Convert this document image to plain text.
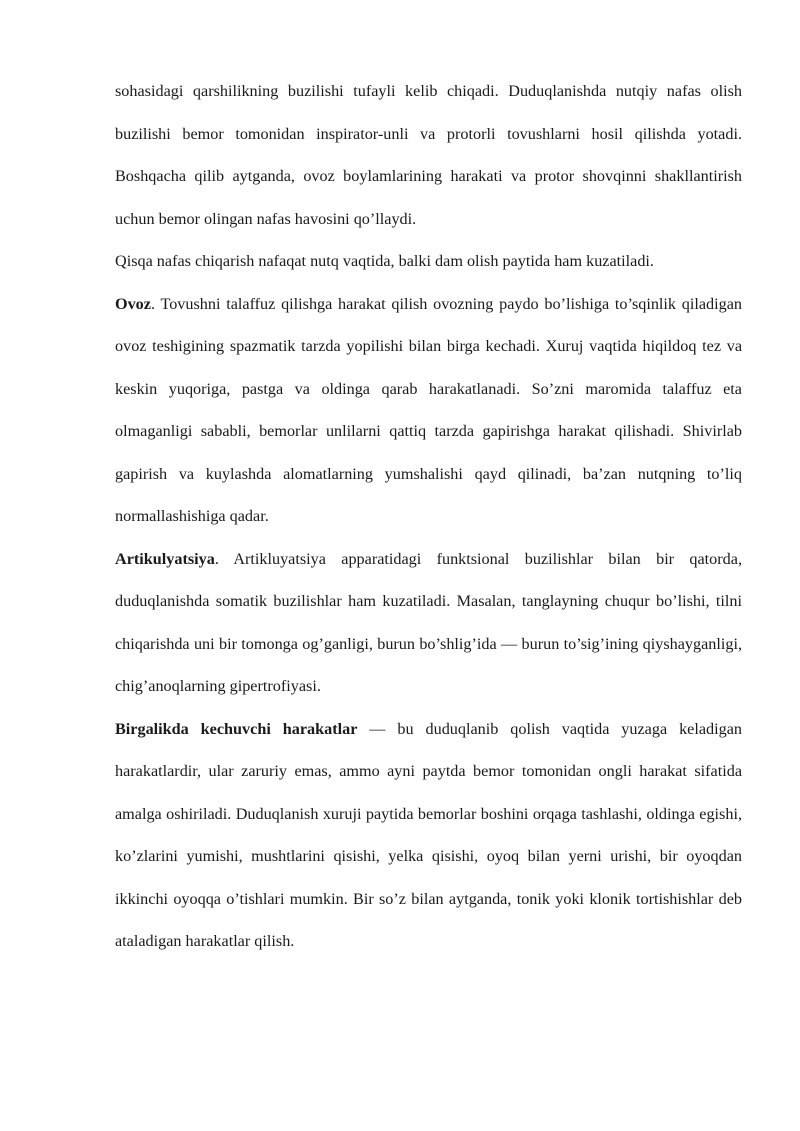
sohasidagi qarshilikning buzilishi tufayli kelib chiqadi. Duduqlanishda nutqiy nafas olish buzilishi bemor tomonidan inspirator-unli va protorli tovushlarni hosil qilishda yotadi. Boshqacha qilib aytganda, ovoz boylamlarining harakati va protor shovqinni shakllantirish uchun bemor olingan nafas havosini qo’llaydi.

Qisqa nafas chiqarish nafaqat nutq vaqtida, balki dam olish paytida ham kuzatiladi.

Ovoz. Tovushni talaffuz qilishga harakat qilish ovozning paydo bo’lishiga to’sqinlik qiladigan ovoz teshigining spazmatik tarzda yopilishi bilan birga kechadi. Xuruj vaqtida hiqildoq tez va keskin yuqoriga, pastga va oldinga qarab harakatlanadi. So’zni maromida talaffuz eta olmaganligi sababli, bemorlar unlilarni qattiq tarzda gapirishga harakat qilishadi. Shivirlab gapirish va kuylashda alomatlarning yumshalishi qayd qilinadi, ba’zan nutqning to’liq normallashishiga qadar.

Artikulyatsiya. Artikluyatsiya apparatidagi funktsional buzilishlar bilan bir qatorda, duduqlanishda somatik buzilishlar ham kuzatiladi. Masalan, tanglayning chuqur bo’lishi, tilni chiqarishda uni bir tomonga og’ganligi, burun bo’shlig’ida — burun to’sig’ining qiyshayganligi, chig’anoqlarning gipertrofiyasi.

Birgalikda kechuvchi harakatlar — bu duduqlanib qolish vaqtida yuzaga keladigan harakatlardir, ular zaruriy emas, ammo ayni paytda bemor tomonidan ongli harakat sifatida amalga oshiriladi. Duduqlanish xuruji paytida bemorlar boshini orqaga tashlashi, oldinga egishi, ko’zlarini yumishi, mushtlarini qisishi, yelka qisishi, oyoq bilan yerni urishi, bir oyoqdan ikkinchi oyoqqa o’tishlari mumkin. Bir so’z bilan aytganda, tonik yoki klonik tortishishlar deb ataladigan harakatlar qilish.
